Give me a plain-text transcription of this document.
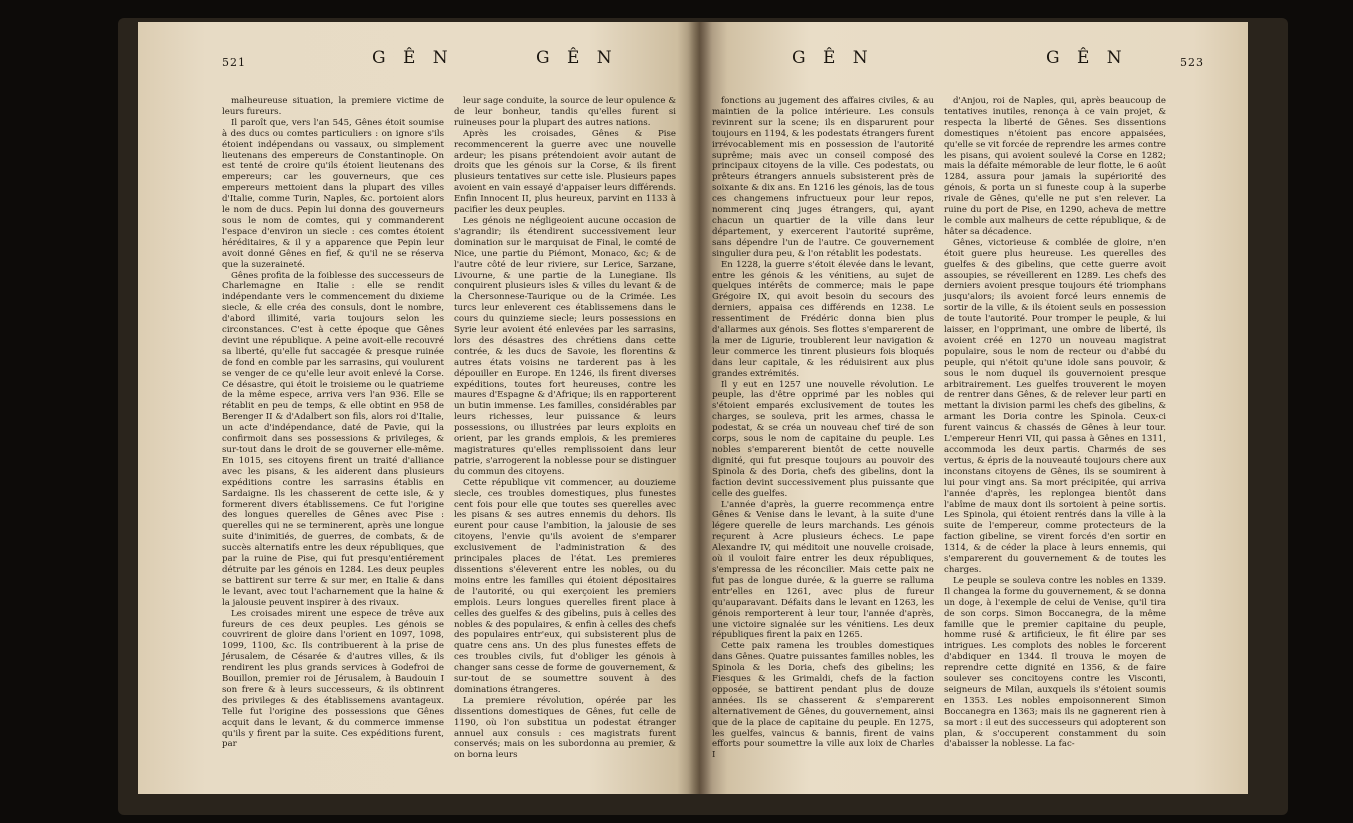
521	G Ê N	G Ê N

malheureuse situation, la premiere victime de leurs fureurs.

Il paroît que, vers l'an 545, Gênes étoit soumise à des ducs ou comtes particuliers : on ignore s'ils étoient indépendans ou vassaux, ou simplement lieutenans des empereurs de Constantinople. On est tenté de croire qu'ils étoient lieutenans des empereurs; car les gouverneurs, que ces empereurs mettoient dans la plupart des villes d'Italie, comme Turin, Naples, &c. portoient alors le nom de ducs. Pepin lui donna des gouverneurs sous le nom de comtes, qui y commanderent l'espace d'environ un siecle : ces comtes étoient héréditaires, & il y a apparence que Pepin leur avoit donné Gênes en fief, & qu'il ne se réserva que la suzeraineté.

Gênes profita de la foiblesse des successeurs de Charlemagne en Italie : elle se rendit indépendante vers le commencement du dixieme siecle, & elle créa des consuls, dont le nombre, d'abord illimité, varia toujours selon les circonstances. C'est à cette époque que Gênes devint une république. A peine avoit-elle recouvré sa liberté, qu'elle fut saccagée & presque ruinée de fond en comble par les sarrasins, qui voulurent se venger de ce qu'elle leur avoit enlevé la Corse. Ce désastre, qui étoit le troisieme ou le quatrieme de la même espece, arriva vers l'an 936. Elle se rétablit en peu de temps, & elle obtint en 958 de Berenger II & d'Adalbert son fils, alors roi d'Italie, un acte d'indépendance, daté de Pavie, qui la confirmoit dans ses possessions & privileges, & sur-tout dans le droit de se gouverner elle-même. En 1015, ses citoyens firent un traité d'alliance avec les pisans, & les aiderent dans plusieurs expéditions contre les sarrasins établis en Sardaigne. Ils les chasserent de cette isle, & y formerent divers établissemens. Ce fut l'origine des longues querelles de Gênes avec Pise : querelles qui ne se terminerent, après une longue suite d'inimitiés, de guerres, de combats, & de succès alternatifs entre les deux républiques, que par la ruine de Pise, qui fut presqu'entiérement détruite par les génois en 1284. Les deux peuples se battirent sur terre & sur mer, en Italie & dans le levant, avec tout l'acharnement que la haine & la jalousie peuvent inspirer à des rivaux.

Les croisades mirent une espece de trêve aux fureurs de ces deux peuples. Les génois se couvrirent de gloire dans l'orient en 1097, 1098, 1099, 1100, &c. Ils contribuerent à la prise de Jérusalem, de Césarée & d'autres villes, & ils rendirent les plus grands services à Godefroi de Bouillon, premier roi de Jérusalem, à Baudouin I son frere & à leurs successeurs, & ils obtinrent des privileges & des établissemens avantageux. Telle fut l'origine des possessions que Gênes acquit dans le levant, & du commerce immense qu'ils y firent par la suite. Ces expéditions furent, par

leur sage conduite, la source de leur opulence & de leur bonheur, tandis qu'elles furent si ruineuses pour la plupart des autres nations.

Après les croisades, Gênes & Pise recommencerent la guerre avec une nouvelle ardeur; les pisans prétendoient avoir autant de droits que les génois sur la Corse, & ils firent plusieurs tentatives sur cette isle. Plusieurs papes avoient en vain essayé d'appaiser leurs différends. Enfin Innocent II, plus heureux, parvint en 1133 à pacifier les deux peuples.

Les génois ne négligeoient aucune occasion de s'agrandir; ils étendirent successivement leur domination sur le marquisat de Final, le comté de Nice, une partie du Piémont, Monaco, &c; & de l'autre côté de leur riviere, sur Lerice, Sarzane, Livourne, & une partie de la Lunegiane. Ils conquirent plusieurs isles & villes du levant & de la Chersonnese-Taurique ou de la Crimée. Les turcs leur enleverent ces établissemens dans le cours du quinzieme siecle; leurs possessions en Syrie leur avoient été enlevées par les sarrasins, lors des désastres des chrétiens dans cette contrée, & les ducs de Savoie, les florentins & autres états voisins ne tarderent pas à les dépouiller en Europe. En 1246, ils firent diverses expéditions, toutes fort heureuses, contre les maures d'Espagne & d'Afrique; ils en rapporterent un butin immense. Les familles, considérables par leurs richesses, leur puissance & leurs possessions, ou illustrées par leurs exploits en orient, par les grands emplois, & les premieres magistratures qu'elles remplissoient dans leur patrie, s'arrogerent la noblesse pour se distinguer du commun des citoyens.

Cette république vit commencer, au douzieme siecle, ces troubles domestiques, plus funestes cent fois pour elle que toutes ses querelles avec les pisans & ses autres ennemis du dehors. Ils eurent pour cause l'ambition, la jalousie de ses citoyens, l'envie qu'ils avoient de s'emparer exclusivement de l'administration & des principales places de l'état. Les premieres dissentions s'éleverent entre les nobles, ou du moins entre les familles qui étoient dépositaires de l'autorité, ou qui exerçoient les premiers emplois. Leurs longues querelles firent place à celles des guelfes & des gibelins, puis à celles des nobles & des populaires, & enfin à celles des chefs des populaires entr'eux, qui subsisterent plus de quatre cens ans. Un des plus funestes effets de ces troubles civils, fut d'obliger les génois à changer sans cesse de forme de gouvernement, & sur-tout de se soumettre souvent à des dominations étrangeres.

La premiere révolution, opérée par les dissentions domestiques de Gênes, fut celle de 1190, où l'on substitua un podestat étranger annuel aux consuls : ces magistrats furent conservés; mais on les subordonna au premier, & on borna leurs

523
G Ê N	G Ê N

fonctions au jugement des affaires civiles, & au maintien de la police intérieure. Les consuls revinrent sur la scene; ils en disparurent pour toujours en 1194, & les podestats étrangers furent irrévocablement mis en possession de l'autorité suprême; mais avec un conseil composé des principaux citoyens de la ville. Ces podestats, ou prêteurs étrangers annuels subsisterent près de soixante & dix ans. En 1216 les génois, las de tous ces changemens infructueux pour leur repos, nommerent cinq juges étrangers, qui, ayant chacun un quartier de la ville dans leur département, y exercerent l'autorité suprême, sans dépendre l'un de l'autre. Ce gouvernement singulier dura peu, & l'on rétablit les podestats.

En 1228, la guerre s'étoit élevée dans le levant, entre les génois & les vénitiens, au sujet de quelques intérêts de commerce; mais le pape Grégoire IX, qui avoit besoin du secours des derniers, appaisa ces différends en 1238. Le ressentiment de Frédéric donna bien plus d'allarmes aux génois. Ses flottes s'emparerent de la mer de Ligurie, troublerent leur navigation & leur commerce les tinrent plusieurs fois bloqués dans leur capitale, & les réduisirent aux plus grandes extrémités.

Il y eut en 1257 une nouvelle révolution. Le peuple, las d'être opprimé par les nobles qui s'étoient emparés exclusivement de toutes les charges, se souleva, prit les armes, chassa le podestat, & se créa un nouveau chef tiré de son corps, sous le nom de capitaine du peuple. Les nobles s'emparerent bientôt de cette nouvelle dignité, qui fut presque toujours au pouvoir des Spinola & des Doria, chefs des gibelins, dont la faction devint successivement plus puissante que celle des guelfes.

L'année d'après, la guerre recommença entre Gênes & Venise dans le levant, à la suite d'une légere querelle de leurs marchands. Les génois reçurent à Acre plusieurs échecs. Le pape Alexandre IV, qui méditoit une nouvelle croisade, où il vouloit faire entrer les deux républiques, s'empressa de les réconcilier. Mais cette paix ne fut pas de longue durée, & la guerre se ralluma entr'elles en 1261, avec plus de fureur qu'auparavant. Défaits dans le levant en 1263, les génois remporterent à leur tour, l'année d'après, une victoire signalée sur les vénitiens. Les deux républiques firent la paix en 1265.

Cette paix ramena les troubles domestiques dans Gênes. Quatre puissantes familles nobles, les Spinola & les Doria, chefs des gibelins; les Fiesques & les Grimaldi, chefs de la faction opposée, se battirent pendant plus de douze années. Ils se chasserent & s'emparerent alternativement de Gênes, du gouvernement, ainsi que de la place de capitaine du peuple. En 1275, les guelfes, vaincus & bannis, firent de vains efforts pour soumettre la ville aux loix de Charles I

d'Anjou, roi de Naples, qui, après beaucoup de tentatives inutiles, renonça à ce vain projet, & respecta la liberté de Gênes. Ses dissentions domestiques n'étoient pas encore appaisées, qu'elle se vit forcée de reprendre les armes contre les pisans, qui avoient soulevé la Corse en 1282; mais la défaite mémorable de leur flotte, le 6 août 1284, assura pour jamais la supériorité des génois, & porta un si funeste coup à la superbe rivale de Gênes, qu'elle ne put s'en relever. La ruine du port de Pise, en 1290, acheva de mettre le comble aux malheurs de cette république, & de hâter sa décadence.

Gênes, victorieuse & comblée de gloire, n'en étoit guere plus heureuse. Les querelles des guelfes & des gibelins, que cette guerre avoit assoupies, se réveillerent en 1289. Les chefs des derniers avoient presque toujours été triomphans jusqu'alors; ils avoient forcé leurs ennemis de sortir de la ville, & ils étoient seuls en possession de toute l'autorité. Pour tromper le peuple, & lui laisser, en l'opprimant, une ombre de liberté, ils avoient créé en 1270 un nouveau magistrat populaire, sous le nom de recteur ou d'abbé du peuple, qui n'étoit qu'une idole sans pouvoir, & sous le nom duquel ils gouvernoient presque arbitrairement. Les guelfes trouverent le moyen de rentrer dans Gênes, & de relever leur parti en mettant la division parmi les chefs des gibelins, & armant les Doria contre les Spinola. Ceux-ci furent vaincus & chassés de Gênes à leur tour. L'empereur Henri VII, qui passa à Gênes en 1311, accommoda les deux partis. Charmés de ses vertus, & épris de la nouveauté toujours chere aux inconstans citoyens de Gênes, ils se soumirent à lui pour vingt ans. Sa mort précipitée, qui arriva l'année d'après, les replongea bientôt dans l'abîme de maux dont ils sortoient à peine sortis. Les Spinola, qui étoient rentrés dans la ville à la suite de l'empereur, comme protecteurs de la faction gibeline, se virent forcés d'en sortir en 1314, & de céder la place à leurs ennemis, qui s'emparerent du gouvernement & de toutes les charges.

Le peuple se souleva contre les nobles en 1339. Il changea la forme du gouvernement, & se donna un doge, à l'exemple de celui de Venise, qu'il tira de son corps. Simon Boccanegra, de la même famille que le premier capitaine du peuple, homme rusé & artificieux, le fit élire par ses intrigues. Les complots des nobles le forcerent d'abdiquer en 1344. Il trouva le moyen de reprendre cette dignité en 1356, & de faire soulever ses concitoyens contre les Visconti, seigneurs de Milan, auxquels ils s'étoient soumis en 1353. Les nobles empoisonnerent Simon Boccanegra en 1363; mais ils ne gagnerent rien à sa mort : il eut des successeurs qui adopterent son plan, & s'occuperent constamment du soin d'abaisser la noblesse. La fac-
